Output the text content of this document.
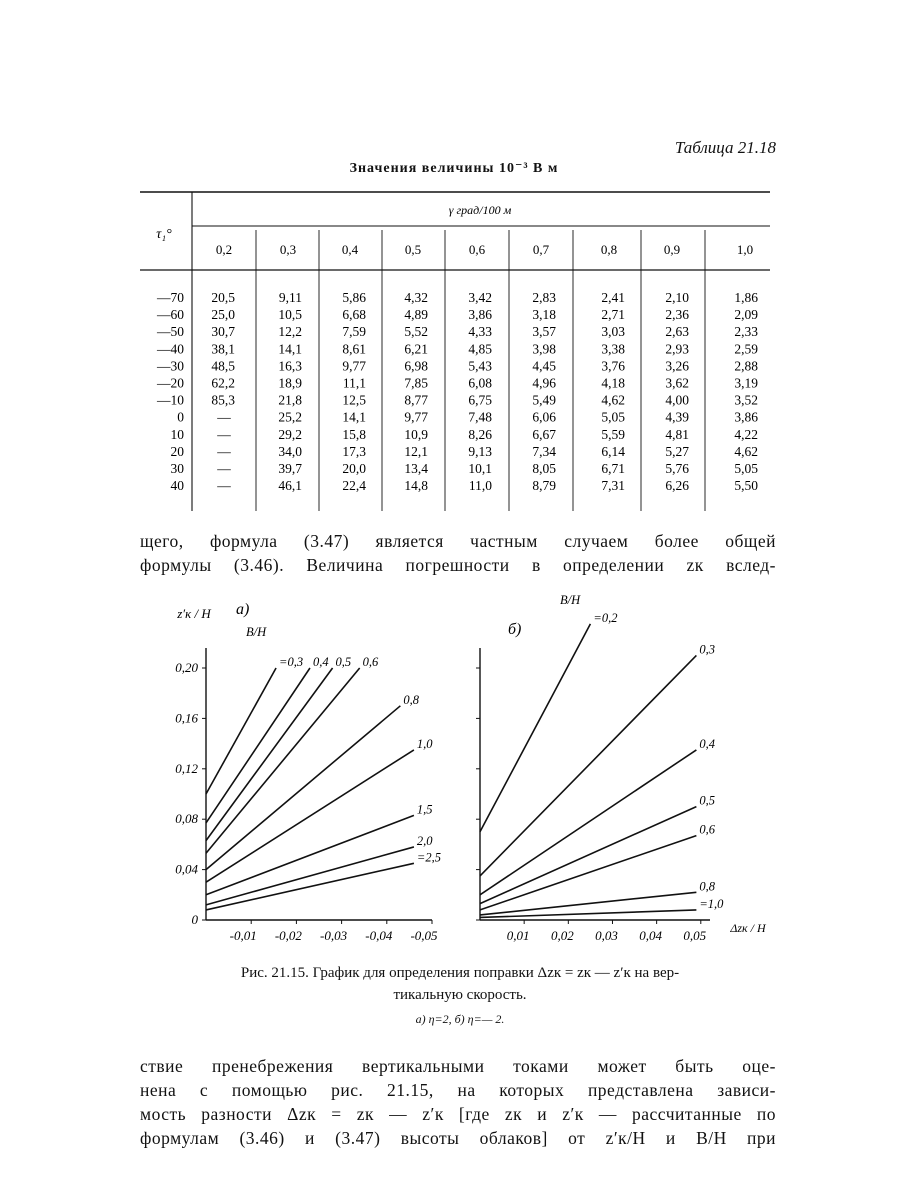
Таблица 21.18
Значения величины 10⁻³ B м
τ₁°
γ град/100 м
0,2	0,3	0,4	0,5	0,6	0,7	0,8	0,9	1,0
—70 20,5	9,11	5,86	4,32	3,42	2,83	2,41	2,10	1,86
—60 25,0	10,5	6,68	4,89	3,86	3,18	2,71	2,36	2,09
—50 30,7	12,2	7,59	5,52	4,33	3,57	3,03	2,63	2,33
—40 38,1	14,1	8,61	6,21	4,85	3,98	3,38	2,93	2,59
—30 48,5	16,3	9,77	6,98	5,43	4,45	3,76	3,26	2,88
—20 62,2	18,9	11,1	7,85	6,08	4,96	4,18	3,62	3,19
—10 85,3	21,8	12,5	8,77	6,75	5,49	4,62	4,00	3,52
0 —	25,2	14,1	9,77	7,48	6,06	5,05	4,39	3,86
10 —	29,2	15,8	10,9	8,26	6,67	5,59	4,81	4,22
20 —	34,0	17,3	12,1	9,13	7,34	6,14	5,27	4,62
30 —	39,7	20,0	13,4	10,1	8,05	6,71	5,76	5,05
40 —	46,1	22,4	14,8	11,0	8,79	7,31	6,26	5,50
щего, формула (3.47) является частным случаем более общей
формулы (3.46). Величина погрешности в определении zк вслед-
0,20
0,16
0,12
0,08
0,04
0
z′к / H
-0,01 -0,02 -0,03 -0,04 -0,05	0,01 0,02 0,03 0,04 0,05 Δzк / H
а)
б)
=0,3 0,4 0,5 0,6
0,8
1,0
1,5
2,0
=2,5
=0,2
0,3
0,4
0,5
0,6
0,8
=1,0
B/H
B/H
Рис. 21.15. График для определения поправки Δzк = zк — z′к на вер-
тикальную скорость.
а) η=2, б) η=— 2.
ствие пренебрежения вертикальными токами может быть оце-
нена с помощью рис. 21.15, на которых представлена зависи-
мость разности Δzк = zк — z′к [где zк и z′к — рассчитанные по
формулам (3.46) и (3.47) высоты облаков] от z′к/H и B/H при
